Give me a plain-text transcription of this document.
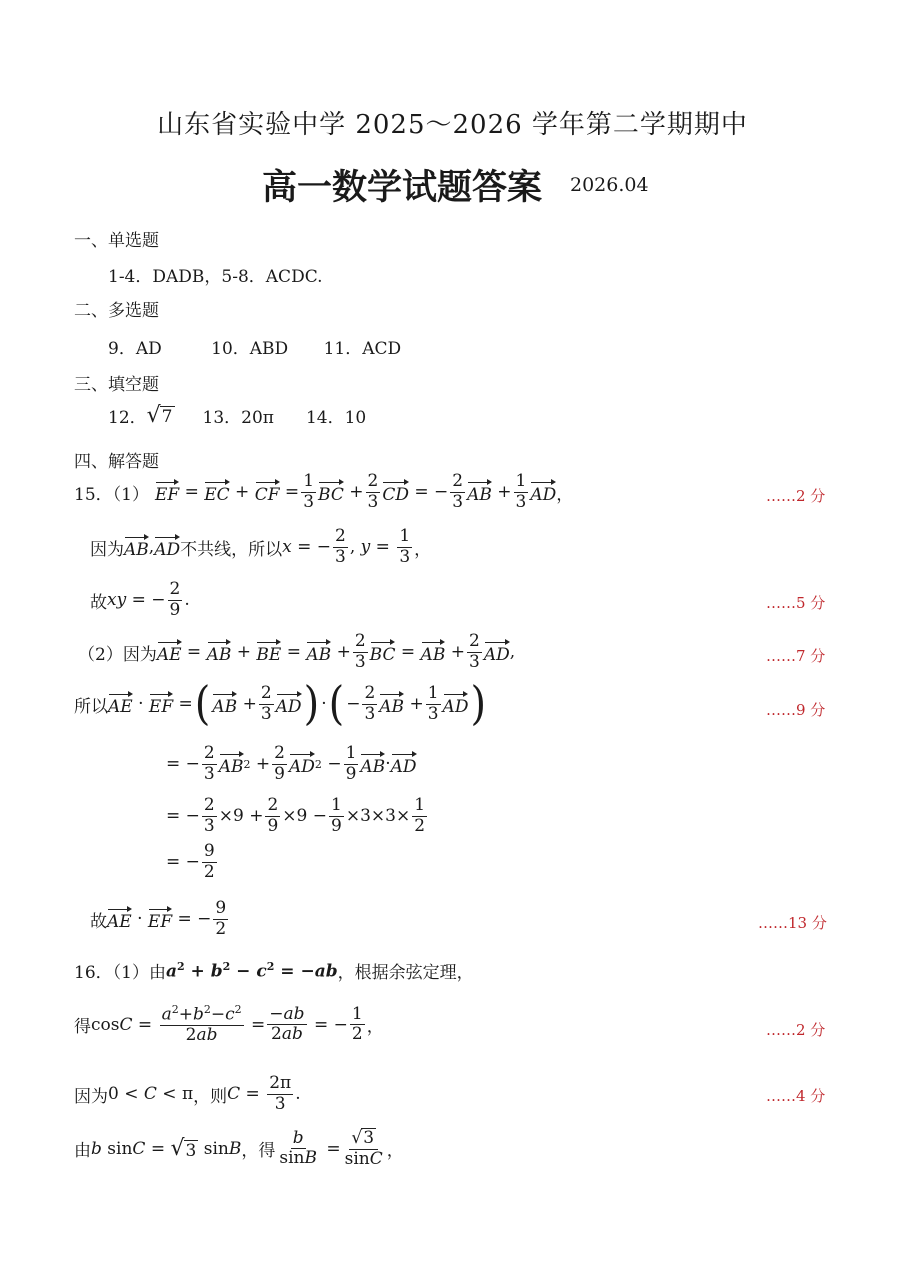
山东省实验中学 2025～2026 学年第二学期期中
高一数学试题答案 2026.04
一、单选题
1-4．DADB，5-8．ACDC.
二、多选题
9．AD	10．ABD 11．ACD
三、填空题
12． √7 13．20π 14．10
四、解答题
15．（1） EF = EC + CF = $\frac{1}{3}$ BC + $\frac{2}{3}$ CD = − $\frac{2}{3}$ AB + $\frac{1}{3}$ AD ，	……2 分
因为 AB , AD 不共线，所以 x = − $\frac{2}{3}$ , $y = \frac{1}{3}$ ，
故 xy = − $\frac{2}{9}$ .	……5 分
（2）因为 AE = AB + BE = AB + $\frac{2}{3}$ BC = AB + $\frac{2}{3}$ AD ,	……7 分
所以 AE · EF = ( AB + $\frac{2}{3}$ AD ) · ( − $\frac{2}{3}$ AB + $\frac{1}{3}$ AD )	……9 分
= − $\frac{2}{3}$ AB $2 + \frac{2}{9}$ AD $2 - \frac{1}{9}$ AB · AD
= − $\frac{2}{3} \times 9 + \frac{2}{9} \times 9 - \frac{1}{9} \times 3\times 3\times \frac{1}{2}$
= − $\frac{9}{2}$
故 AE · EF = − $\frac{9}{2}$	……13 分
16．（1）由 $a^2 + b^2 - c^2 = -ab$ ，根据余弦定理，
得 $\cos C = \frac{a^2+b^2-c^2}{2ab} = \frac{-ab}{2ab}$ = − $\frac{1}{2}$ ，	……2 分
因为 0 < C < π ，则 $C = \frac{2\pi}{3}$ .	……4 分
由 b sin C = √ 3 sin B ，得 $\frac{b}{\sin B} = \frac{√ 3}{\sin C}$ ，
